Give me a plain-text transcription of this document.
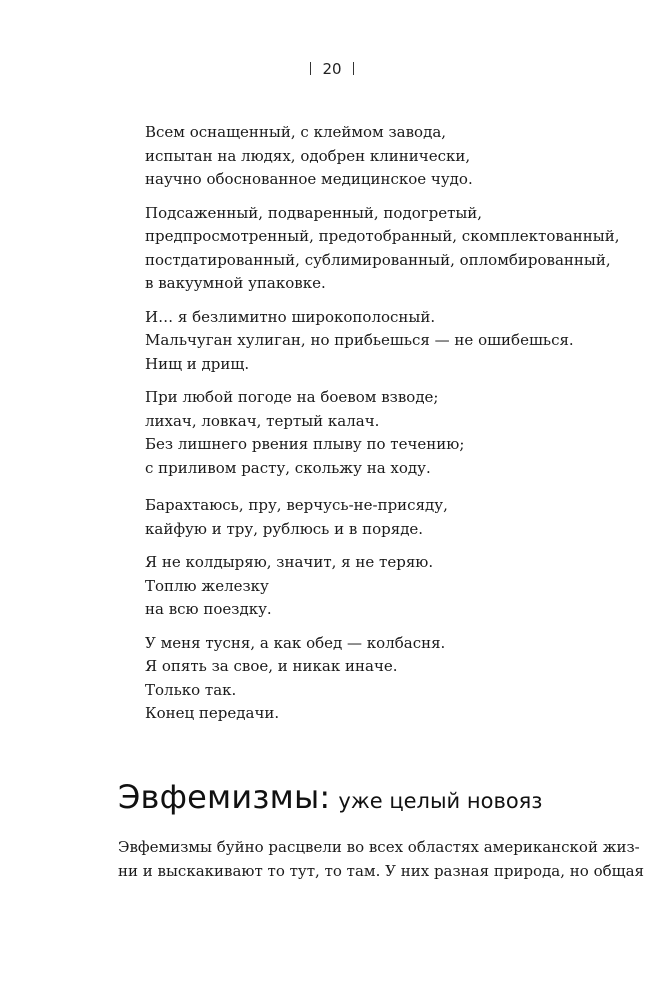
20
Всем оснащенный, с клеймом завода,
испытан на людях, одобрен клинически,
научно обоснованное медицинское чудо.
Подсаженный, подваренный, подогретый,
предпросмотренный, предотобранный, скомплектованный,
постдатированный, сублимированный, опломбированный,
в вакуумной упаковке.
И… я безлимитно широкополосный.
Мальчуган хулиган, но прибьешься — не ошибешься.
Нищ и дрищ.
При любой погоде на боевом взводе;
лихач, ловкач, тертый калач.
Без лишнего рвения плыву по течению;
с приливом расту, скольжу на ходу.
Барахтаюсь, пру, верчусь-не-присяду,
кайфую и тру, рублюсь и в поряде.
Я не колдыряю, значит, я не теряю.
Топлю железку
на всю поездку.
У меня тусня, а как обед — колбасня.
Я опять за свое, и никак иначе.
Только так.
Конец передачи.
Эвфемизмы: уже целый новояз
Эвфемизмы буйно расцвели во всех областях американской жиз-
ни и выскакивают то тут, то там. У них разная природа, но общая
